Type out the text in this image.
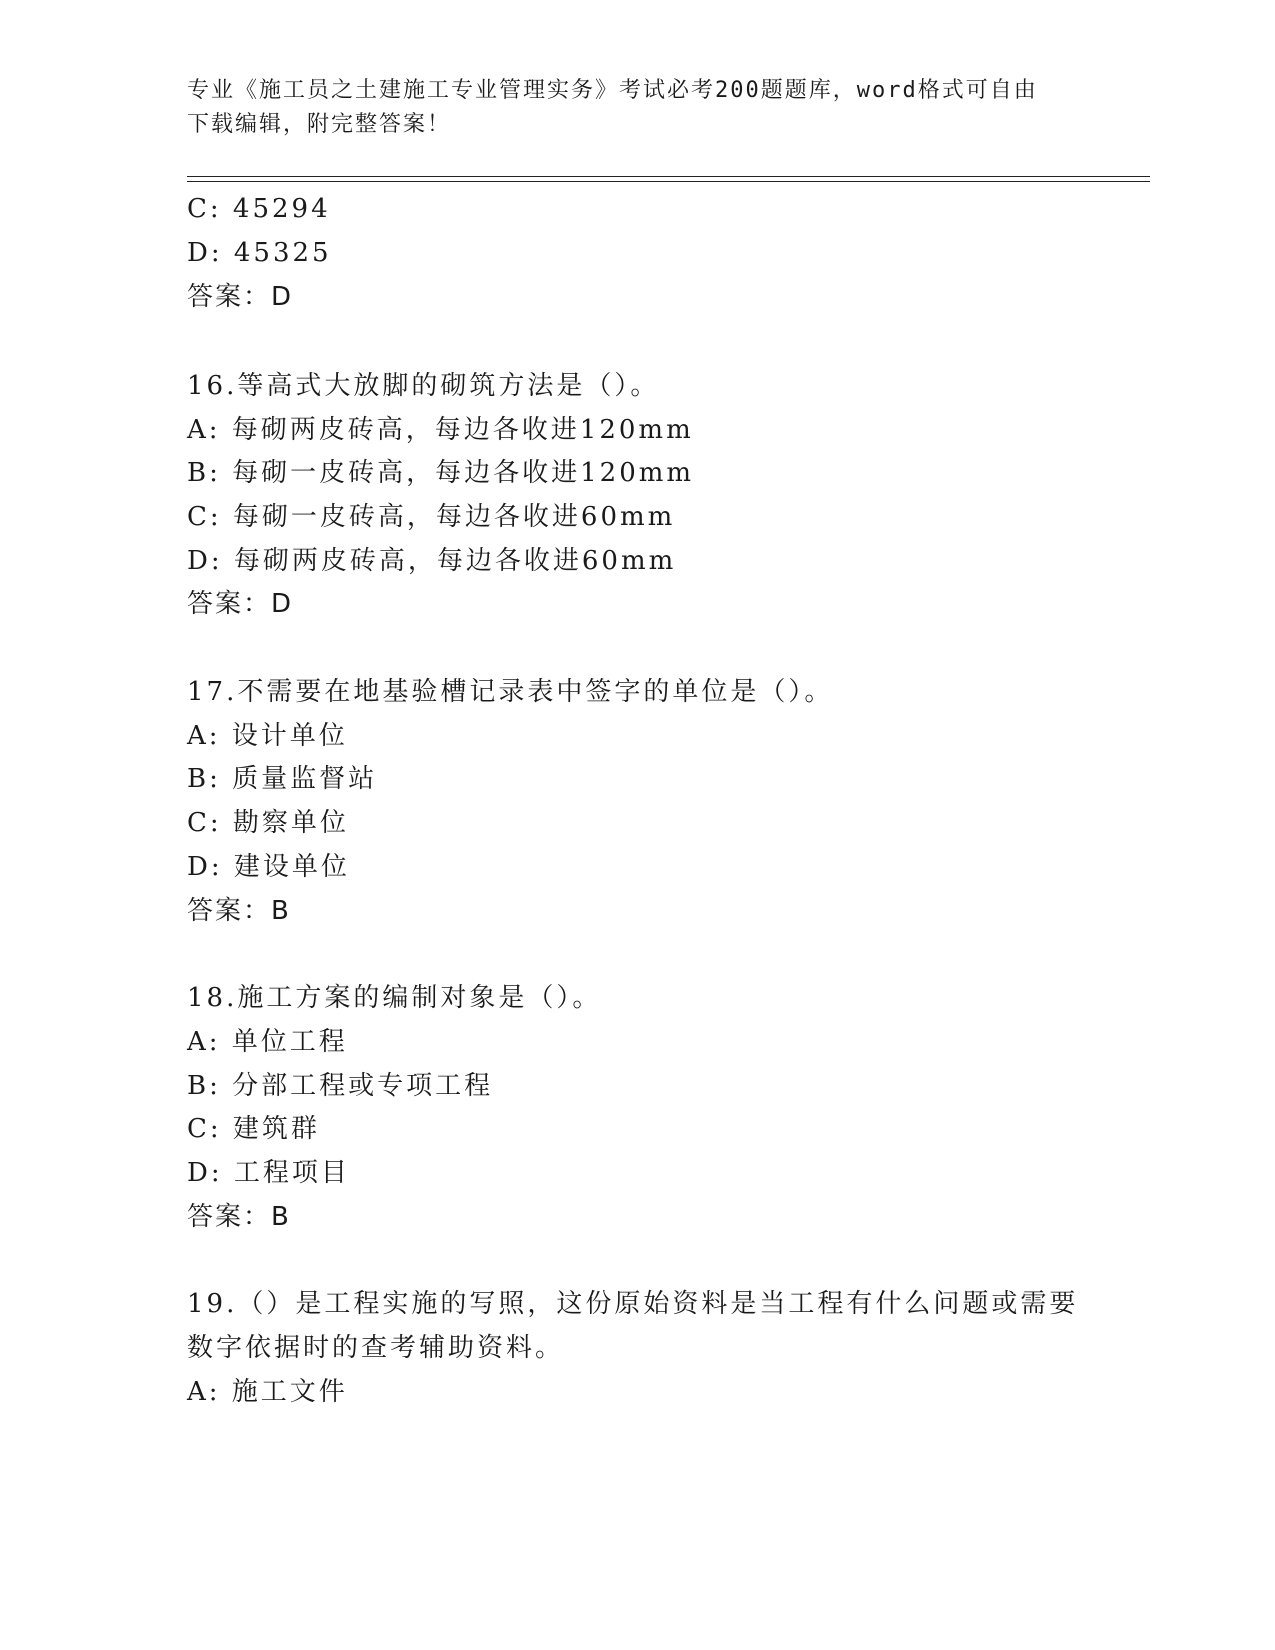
专业《施工员之土建施工专业管理实务》考试必考200题题库，word格式可自由
下载编辑，附完整答案！
C: 45294
D: 45325
答案：D
16.等高式大放脚的砌筑方法是（）。
A: 每砌两皮砖高，每边各收进120mm
B: 每砌一皮砖高，每边各收进120mm
C: 每砌一皮砖高，每边各收进60mm
D: 每砌两皮砖高，每边各收进60mm
答案：D
17.不需要在地基验槽记录表中签字的单位是（）。
A: 设计单位
B: 质量监督站
C: 勘察单位
D: 建设单位
答案：B
18.施工方案的编制对象是（）。
A: 单位工程
B: 分部工程或专项工程
C: 建筑群
D: 工程项目
答案：B
19.（）是工程实施的写照，这份原始资料是当工程有什么问题或需要
数字依据时的查考辅助资料。
A: 施工文件
